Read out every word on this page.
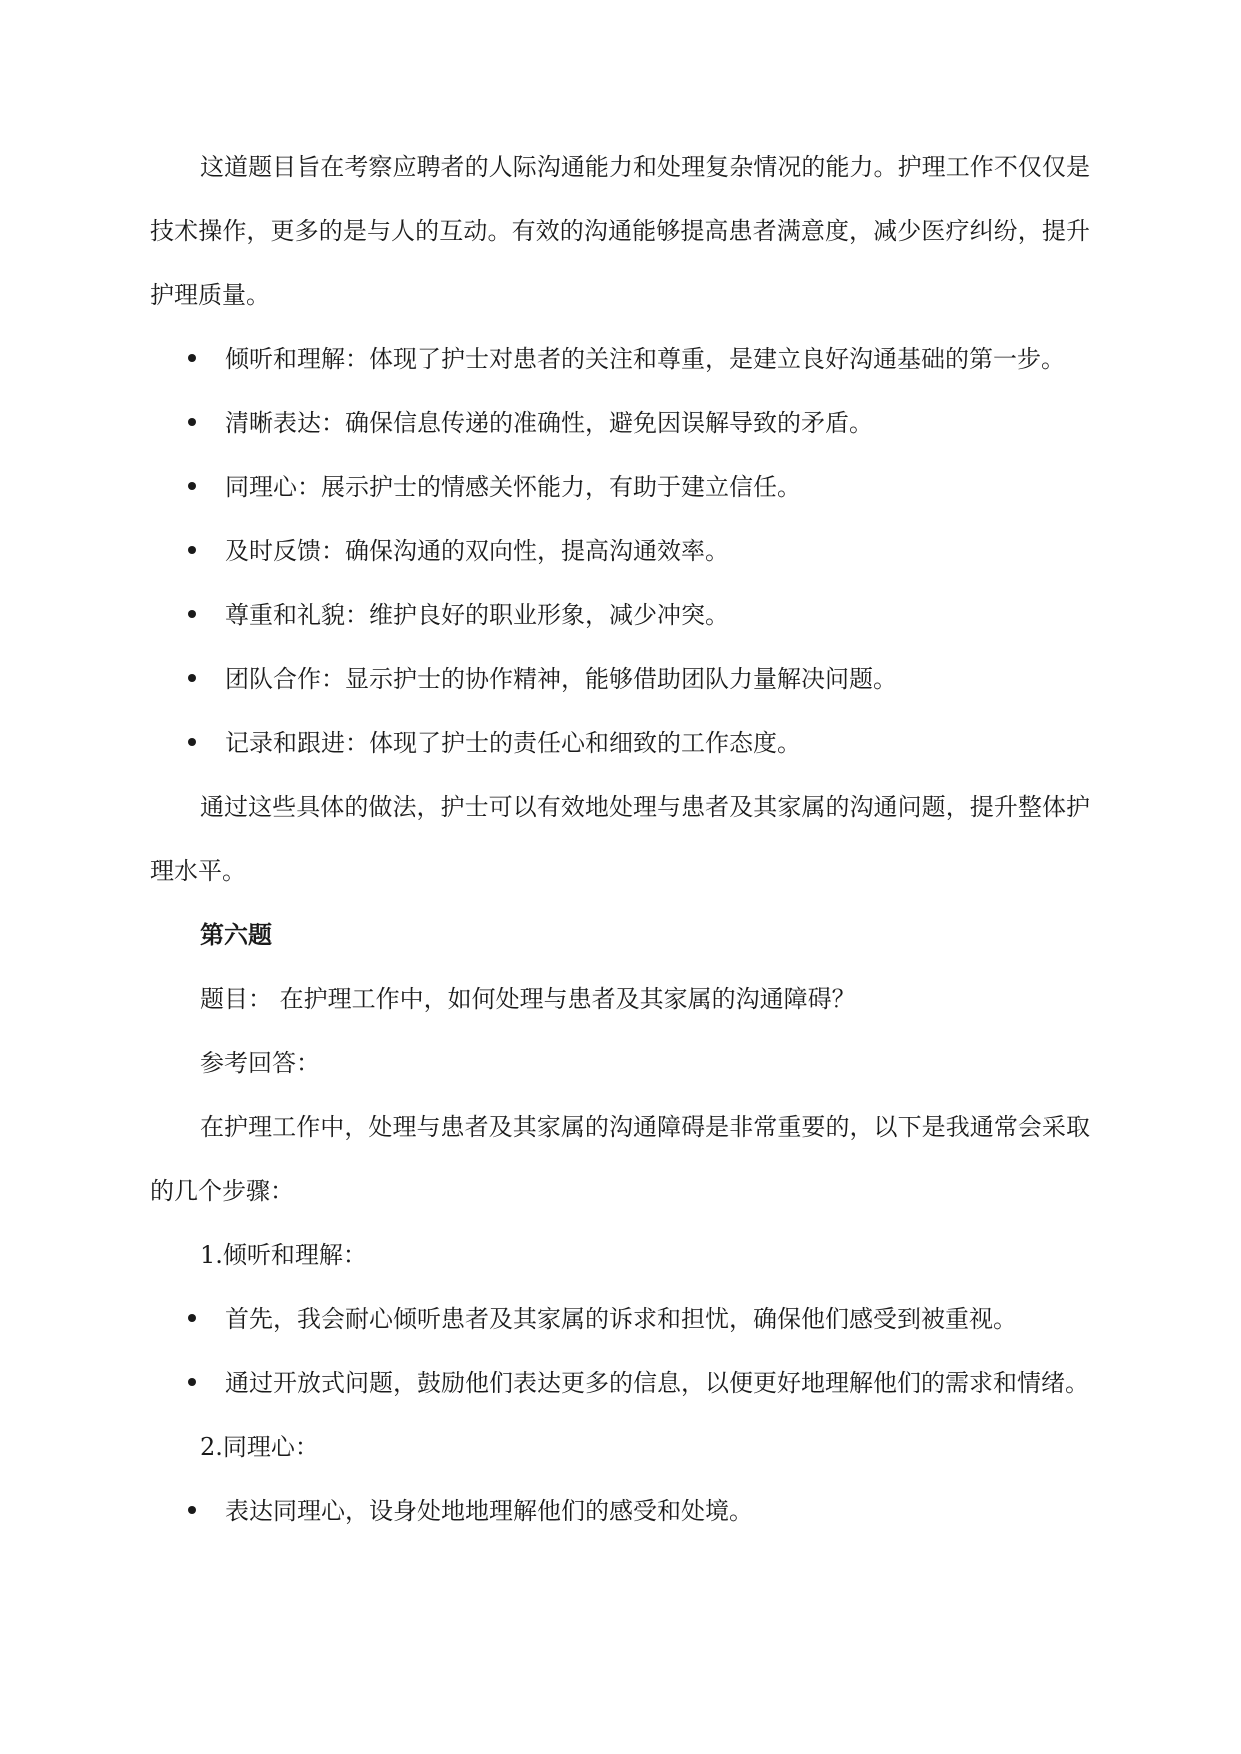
这道题目旨在考察应聘者的人际沟通能力和处理复杂情况的能力。护理工作不仅仅是技术操作，更多的是与人的互动。有效的沟通能够提高患者满意度，减少医疗纠纷，提升护理质量。

倾听和理解：体现了护士对患者的关注和尊重，是建立良好沟通基础的第一步。
清晰表达：确保信息传递的准确性，避免因误解导致的矛盾。
同理心：展示护士的情感关怀能力，有助于建立信任。
及时反馈：确保沟通的双向性，提高沟通效率。
尊重和礼貌：维护良好的职业形象，减少冲突。
团队合作：显示护士的协作精神，能够借助团队力量解决问题。
记录和跟进：体现了护士的责任心和细致的工作态度。

通过这些具体的做法，护士可以有效地处理与患者及其家属的沟通问题，提升整体护理水平。

第六题

题目： 在护理工作中，如何处理与患者及其家属的沟通障碍？

参考回答：

在护理工作中，处理与患者及其家属的沟通障碍是非常重要的，以下是我通常会采取的几个步骤：

1.倾听和理解：

首先，我会耐心倾听患者及其家属的诉求和担忧，确保他们感受到被重视。
通过开放式问题，鼓励他们表达更多的信息，以便更好地理解他们的需求和情绪。

2.同理心：

表达同理心，设身处地地理解他们的感受和处境。
